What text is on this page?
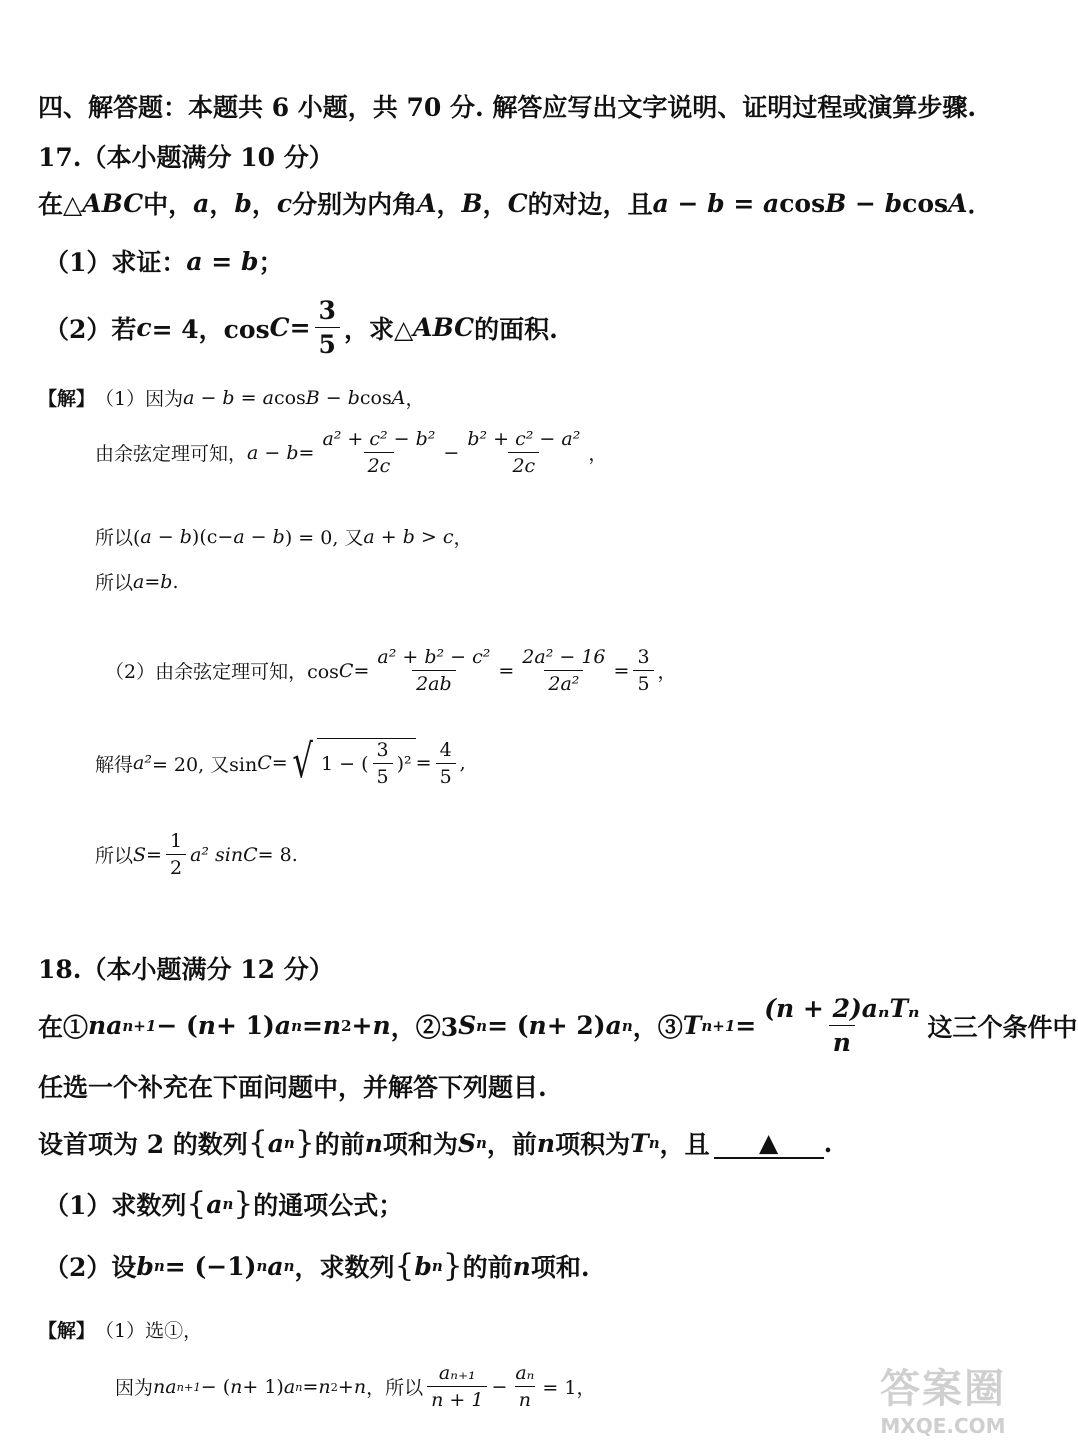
四、解答题：本题共 6 小题，共 70 分. 解答应写出文字说明、证明过程或演算步骤.
17.（本小题满分 10 分）
在△ ABC 中， a ， b ， c 分别为内角 A ， B ， C 的对边，且 a − b = a cos B − b cos A ．
（1）求证： a = b ；
（2）若 c = 4，$\cos C = \frac{3}{5}$ ，求△ ABC 的面积.
【解】 （1）因为 a − b = a cos B − b cos A ，
由余弦定理可知， $a - b = \frac{\text{a² + c² − b²}}{2c} - \frac{\text{b² + c² − a²}}{2c}$ ，
所以( a − b )(c− a − b ) = 0, 又 a + b > c ，
所以 a=b .
（2）由余弦定理可知，$\cos C = \frac{\text{a² + b² − c²}}{2ab} = \frac{\text{2a² − 16}}{\text{2a²}} = \frac{3}{5}$ ，
解得 a² = 20, 又sin C = √ 1 − ( $\frac{3}{5} )^2 = \frac{4}{5}$ ,
所以 $S = \frac{1}{2} a^2$ sin C = 8.
18.（本小题满分 12 分）
在① na n+1 − ( n + 1) a n = n 2 + n ，②3 S n = ( n + 2) a n ，③ T $n+1 = \frac{\text{(n + 2)aₙTₙ}}{n}$ 这三个条件中
任选一个补充在下面问题中，并解答下列题目.
设首项为 2 的数列 { a n } 的前 n 项和为 S n ，前 n 项积为 T n ，且	▲	.
（1）求数列 { a n } 的通项公式；
（2）设 b n = (−1) n a n ，求数列 { b n } 的前 n 项和.
【解】 （1）选①，
因为 na n+1 − ( n + 1) a n = n 2 + n ，所以 $\frac{\text{aₙ₊₁}}{n + 1} - \frac{\text{aₙ}}{n} = 1$，	答案圈
MXQE.COM
